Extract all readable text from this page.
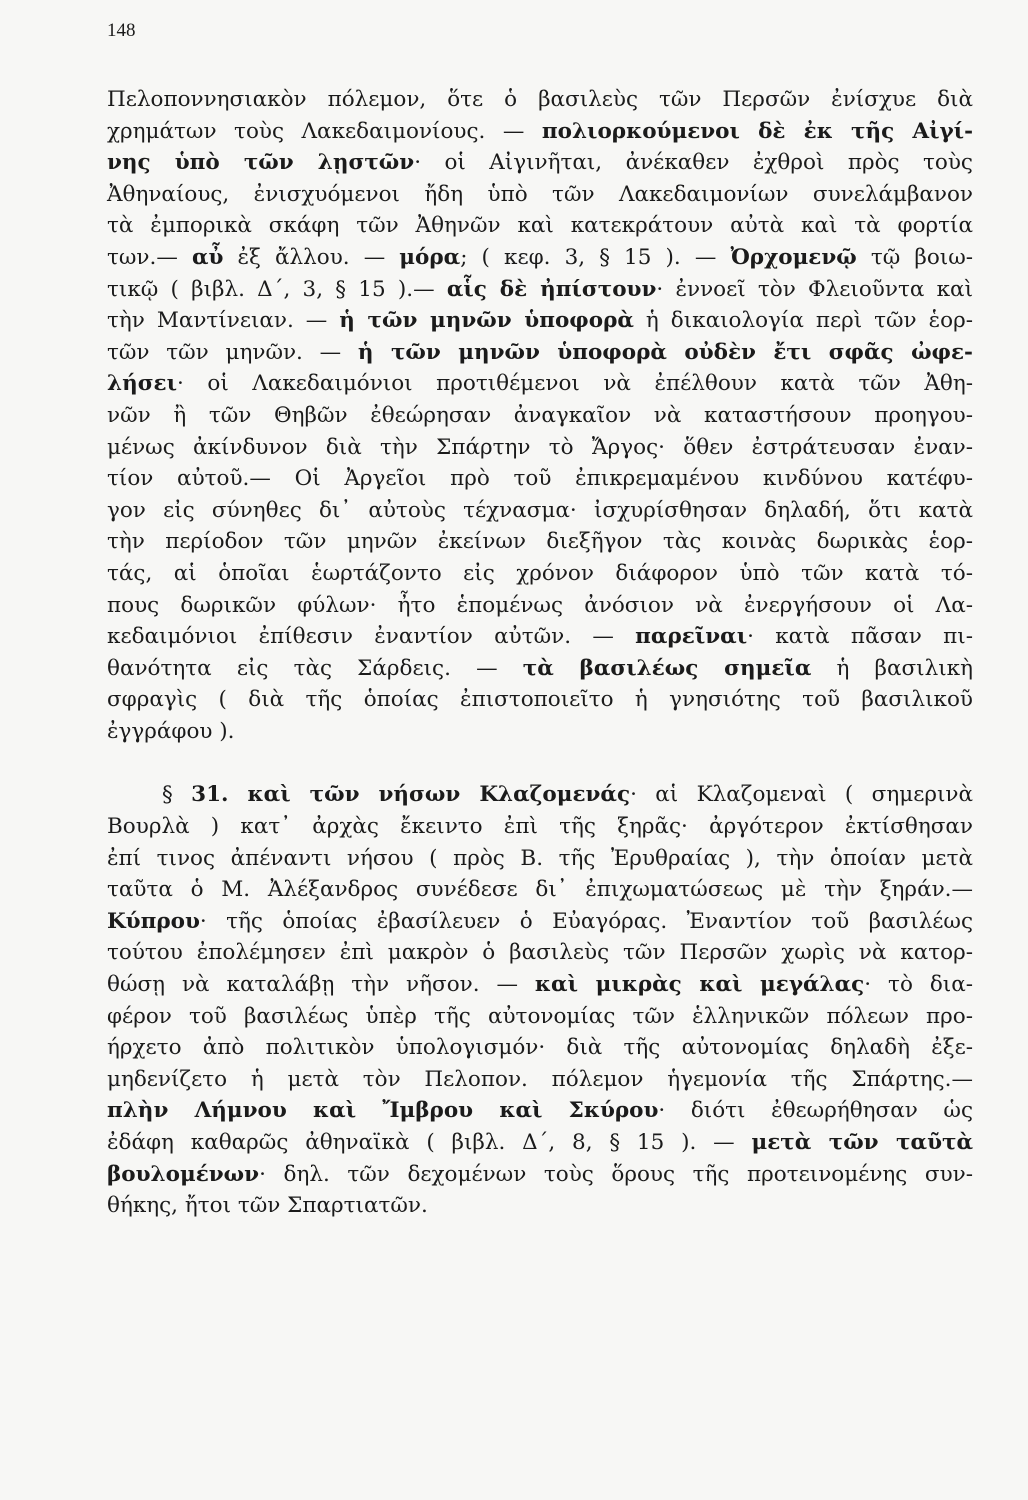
148
Πελοποννησιακὸν πόλεμον, ὅτε ὁ βασιλεὺς τῶν Περσῶν ἐνίσχυε διὰ
χρημάτων τοὺς Λακεδαιμονίους. — πολιορκούμενοι δὲ ἐκ τῆς Αἰγί-
νης ὑπὸ τῶν λῃστῶν· οἱ Αἰγινῆται, ἀνέκαθεν ἐχθροὶ πρὸς τοὺς
Ἀθηναίους, ἐνισχυόμενοι ἤδη ὑπὸ τῶν Λακεδαιμονίων συνελάμβανον
τὰ ἐμπορικὰ σκάφη τῶν Ἀθηνῶν καὶ κατεκράτουν αὐτὰ καὶ τὰ φορτία
των.— αὖ ἐξ ἄλλου. — μόρα; ( κεφ. 3, § 15 ). — Ὀρχομενῷ τῷ βοιω-
τικῷ ( βιβλ. Δ΄, 3, § 15 ).— αἷς δὲ ἠπίστουν· ἐννοεῖ τὸν Φλειοῦντα καὶ
τὴν Μαντίνειαν. — ἡ τῶν μηνῶν ὑποφορὰ ἡ δικαιολογία περὶ τῶν ἑορ-
τῶν τῶν μηνῶν. — ἡ τῶν μηνῶν ὑποφορὰ οὐδὲν ἔτι σφᾶς ὠφε-
λήσει· οἱ Λακεδαιμόνιοι προτιθέμενοι νὰ ἐπέλθουν κατὰ τῶν Ἀθη-
νῶν ἢ τῶν Θηβῶν ἐθεώρησαν ἀναγκαῖον νὰ καταστήσουν προηγου-
μένως ἀκίνδυνον διὰ τὴν Σπάρτην τὸ Ἄργος· ὅθεν ἐστράτευσαν ἐναν-
τίον αὐτοῦ.— Οἱ Ἀργεῖοι πρὸ τοῦ ἐπικρεμαμένου κινδύνου κατέφυ-
γον εἰς σύνηθες δι᾽ αὐτοὺς τέχνασμα· ἰσχυρίσθησαν δηλαδή, ὅτι κατὰ
τὴν περίοδον τῶν μηνῶν ἐκείνων διεξῆγον τὰς κοινὰς δωρικὰς ἑορ-
τάς, αἱ ὁποῖαι ἑωρτάζοντο εἰς χρόνον διάφορον ὑπὸ τῶν κατὰ τό-
πους δωρικῶν φύλων· ἦτο ἑπομένως ἀνόσιον νὰ ἐνεργήσουν οἱ Λα-
κεδαιμόνιοι ἐπίθεσιν ἐναντίον αὐτῶν. — παρεῖναι· κατὰ πᾶσαν πι-
θανότητα εἰς τὰς Σάρδεις. — τὰ βασιλέως σημεῖα ἡ βασιλικὴ
σφραγὶς ( διὰ τῆς ὁποίας ἐπιστοποιεῖτο ἡ γνησιότης τοῦ βασιλικοῦ
ἐγγράφου ).
§ 31. καὶ τῶν νήσων Κλαζομενάς· αἱ Κλαζομεναὶ ( σημερινὰ
Βουρλὰ ) κατ᾽ ἀρχὰς ἔκειντο ἐπὶ τῆς ξηρᾶς· ἀργότερον ἐκτίσθησαν
ἐπί τινος ἀπέναντι νήσου ( πρὸς Β. τῆς Ἐρυθραίας ), τὴν ὁποίαν μετὰ
ταῦτα ὁ Μ. Ἀλέξανδρος συνέδεσε δι᾽ ἐπιχωματώσεως μὲ τὴν ξηράν.—
Κύπρου· τῆς ὁποίας ἐβασίλευεν ὁ Εὐαγόρας. Ἐναντίον τοῦ βασιλέως
τούτου ἐπολέμησεν ἐπὶ μακρὸν ὁ βασιλεὺς τῶν Περσῶν χωρὶς νὰ κατορ-
θώσῃ νὰ καταλάβῃ τὴν νῆσον. — καὶ μικρὰς καὶ μεγάλας· τὸ δια-
φέρον τοῦ βασιλέως ὑπὲρ τῆς αὐτονομίας τῶν ἑλληνικῶν πόλεων προ-
ήρχετο ἀπὸ πολιτικὸν ὑπολογισμόν· διὰ τῆς αὐτονομίας δηλαδὴ ἐξε-
μηδενίζετο ἡ μετὰ τὸν Πελοπον. πόλεμον ἡγεμονία τῆς Σπάρτης.—
πλὴν Λήμνου καὶ Ἴμβρου καὶ Σκύρου· διότι ἐθεωρήθησαν ὡς
ἐδάφη καθαρῶς ἀθηναϊκὰ ( βιβλ. Δ΄, 8, § 15 ). — μετὰ τῶν ταῦτὰ
βουλομένων· δηλ. τῶν δεχομένων τοὺς ὅρους τῆς προτεινομένης συν-
θήκης, ἤτοι τῶν Σπαρτιατῶν.
